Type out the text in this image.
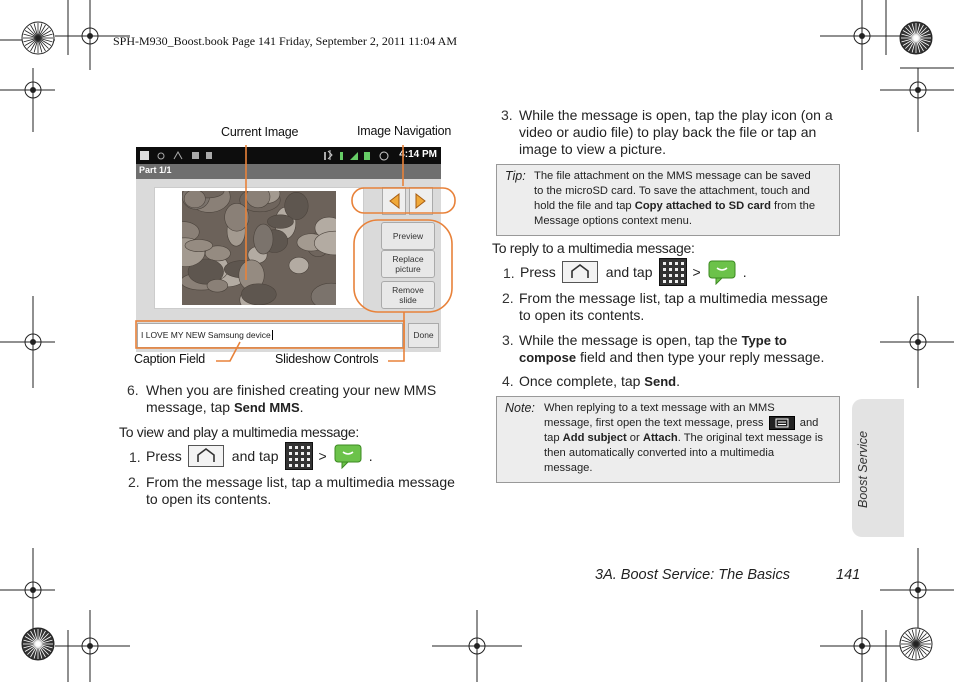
SPH-M930_Boost.book Page 141 Friday, September 2, 2011 11:04 AM
Current Image	Image Navigation
4:14 PM
Part 1/1
Preview
Replace
picture
Remove
slide
I LOVE MY NEW Samsung device	Done
Caption Field	Slideshow Controls
6. When you are finished creating your new MMS
message, tap Send MMS.
To view and play a multimedia message:
1. Press	and tap	>	.
2. From the message list, tap a multimedia message
to open its contents.
3. While the message is open, tap the play icon (on a
video or audio file) to play back the file or tap an
image to view a picture.
Tip: The file attachment on the MMS message can be saved
to the microSD card. To save the attachment, touch and
hold the file and tap Copy attached to SD card from the
Message options context menu.
To reply to a multimedia message:
1. Press	and tap	>	.
2. From the message list, tap a multimedia message
to open its contents.
3. While the message is open, tap the Type to
compose field and then type your reply message.
4. Once complete, tap Send.
Note: When replying to a text message with an MMS
message, first open the text message, press	and
tap Add subject or Attach. The original text message is
then automatically converted into a multimedia
message.	Boost Service
3A. Boost Service: The Basics	141
